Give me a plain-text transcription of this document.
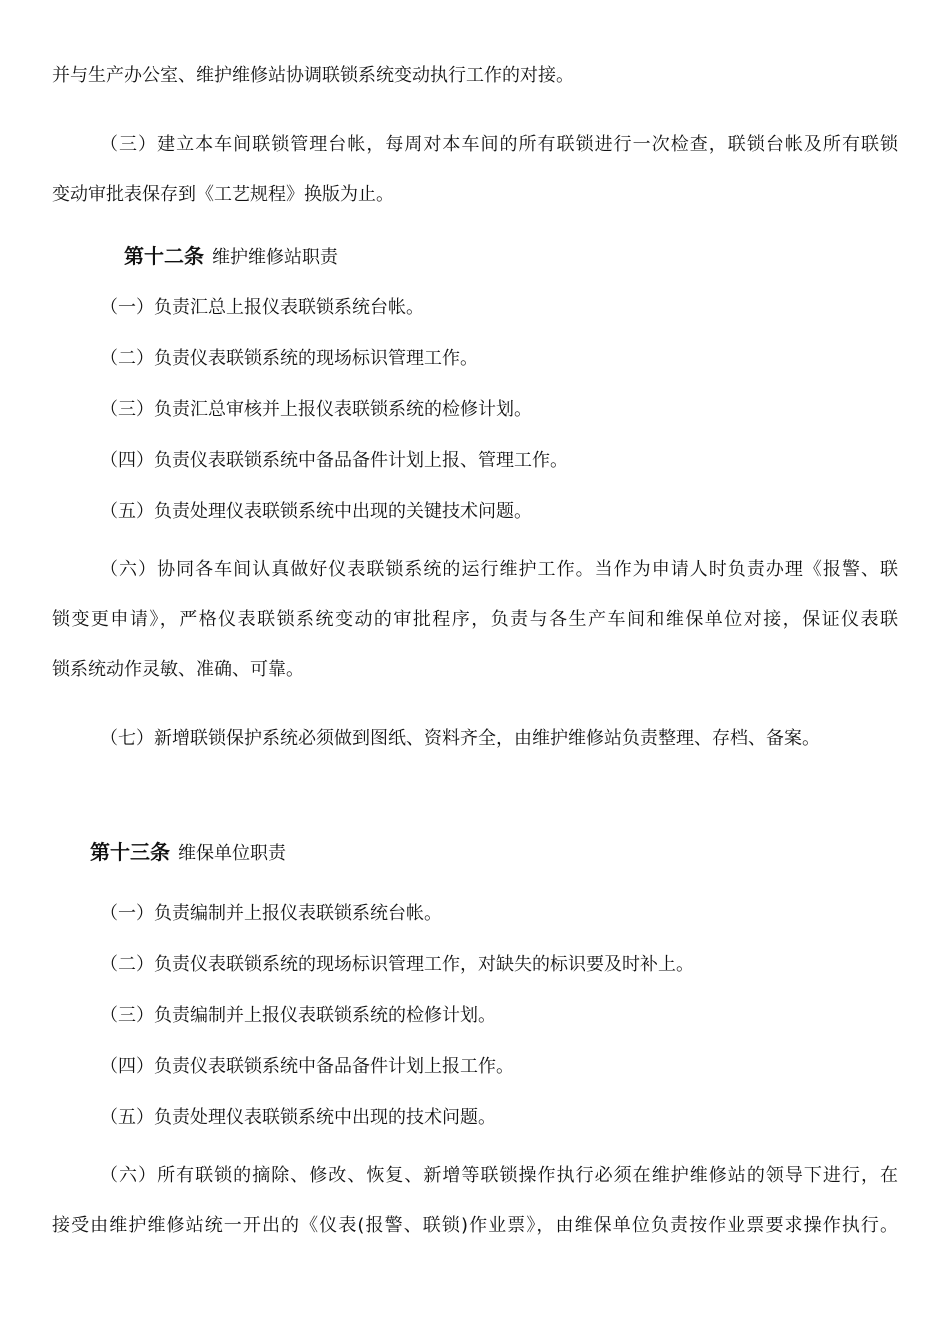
并与生产办公室、维护维修站协调联锁系统变动执行工作的对接。

（三）建立本车间联锁管理台帐，每周对本车间的所有联锁进行一次检查，联锁台帐及所有联锁

变动审批表保存到《工艺规程》换版为止。

第十二条 维护维修站职责

（一）负责汇总上报仪表联锁系统台帐。

（二）负责仪表联锁系统的现场标识管理工作。

（三）负责汇总审核并上报仪表联锁系统的检修计划。

（四）负责仪表联锁系统中备品备件计划上报、管理工作。

（五）负责处理仪表联锁系统中出现的关键技术问题。

（六）协同各车间认真做好仪表联锁系统的运行维护工作。当作为申请人时负责办理《报警、联

锁变更申请》，严格仪表联锁系统变动的审批程序，负责与各生产车间和维保单位对接，保证仪表联

锁系统动作灵敏、准确、可靠。

（七）新增联锁保护系统必须做到图纸、资料齐全，由维护维修站负责整理、存档、备案。

第十三条 维保单位职责

（一）负责编制并上报仪表联锁系统台帐。

（二）负责仪表联锁系统的现场标识管理工作，对缺失的标识要及时补上。

（三）负责编制并上报仪表联锁系统的检修计划。

（四）负责仪表联锁系统中备品备件计划上报工作。

（五）负责处理仪表联锁系统中出现的技术问题。

（六）所有联锁的摘除、修改、恢复、新增等联锁操作执行必须在维护维修站的领导下进行，在

接受由维护维修站统一开出的《仪表(报警、联锁)作业票》，由维保单位负责按作业票要求操作执行。
